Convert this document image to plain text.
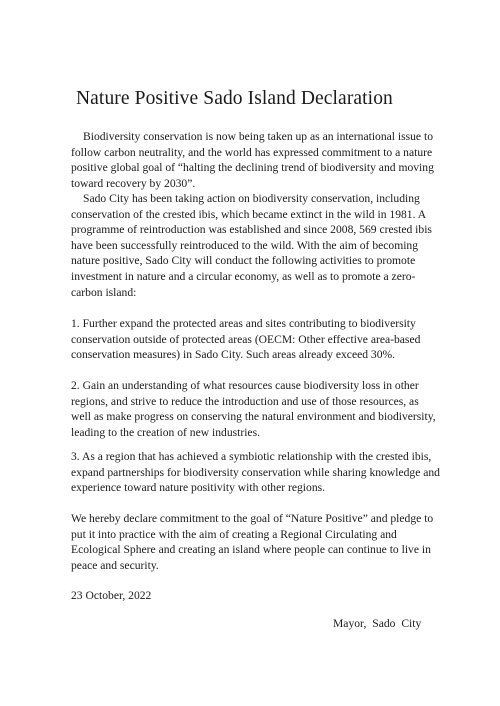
Nature Positive Sado Island Declaration

Biodiversity conservation is now being taken up as an international issue to follow carbon neutrality, and the world has expressed commitment to a nature positive global goal of “halting the declining trend of biodiversity and moving toward recovery by 2030”.

Sado City has been taking action on biodiversity conservation, including conservation of the crested ibis, which became extinct in the wild in 1981. A programme of reintroduction was established and since 2008, 569 crested ibis have been successfully reintroduced to the wild. With the aim of becoming nature positive, Sado City will conduct the following activities to promote investment in nature and a circular economy, as well as to promote a zero-carbon island:

1. Further expand the protected areas and sites contributing to biodiversity conservation outside of protected areas (OECM: Other effective area-based conservation measures) in Sado City. Such areas already exceed 30%.

2. Gain an understanding of what resources cause biodiversity loss in other regions, and strive to reduce the introduction and use of those resources, as well as make progress on conserving the natural environment and biodiversity, leading to the creation of new industries.

3. As a region that has achieved a symbiotic relationship with the crested ibis, expand partnerships for biodiversity conservation while sharing knowledge and experience toward nature positivity with other regions.

We hereby declare commitment to the goal of “Nature Positive” and pledge to put it into practice with the aim of creating a Regional Circulating and Ecological Sphere and creating an island where people can continue to live in peace and security.

23 October, 2022

Mayor, Sado City
